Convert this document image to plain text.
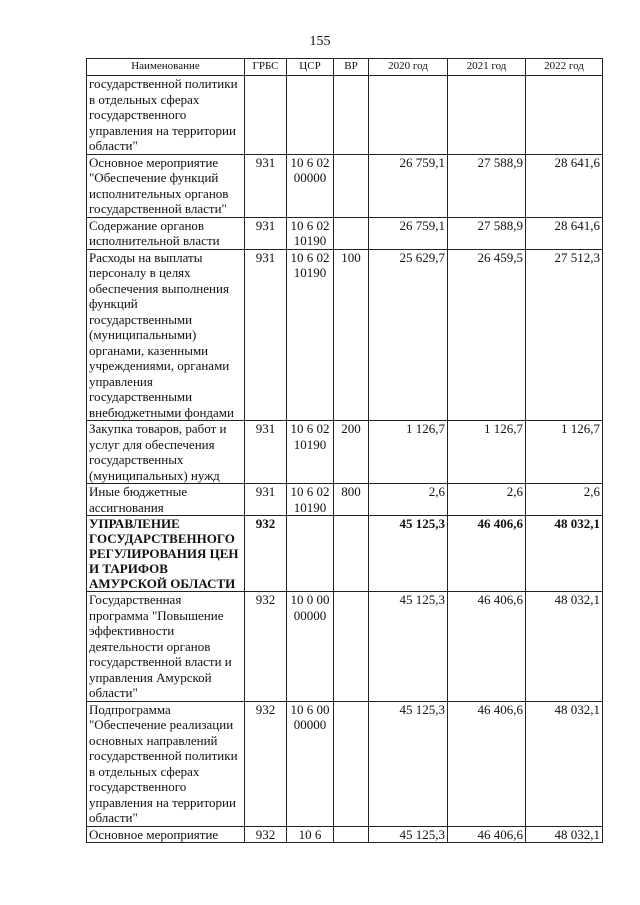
155
Наименование	ГРБС	ЦСР	ВР	2020 год	2021 год	2022 год
государственной политики в отдельных сферах государственного управления на территории области"						
Основное мероприятие "Обеспечение функций исполнительных органов государственной власти"	931	10 6 02 00000		26 759,1	27 588,9	28 641,6
Содержание органов исполнительной власти	931	10 6 02 10190		26 759,1	27 588,9	28 641,6
Расходы на выплаты персоналу в целях обеспечения выполнения функций государственными (муниципальными) органами, казенными учреждениями, органами управления государственными внебюджетными фондами	931	10 6 02 10190	100	25 629,7	26 459,5	27 512,3
Закупка товаров, работ и услуг для обеспечения государственных (муниципальных) нужд	931	10 6 02 10190	200	1 126,7	1 126,7	1 126,7
Иные бюджетные ассигнования	931	10 6 02 10190	800	2,6	2,6	2,6
УПРАВЛЕНИЕ ГОСУДАРСТВЕННОГО РЕГУЛИРОВАНИЯ ЦЕН И ТАРИФОВ АМУРСКОЙ ОБЛАСТИ	932			45 125,3	46 406,6	48 032,1
Государственная программа "Повышение эффективности деятельности органов государственной власти и управления Амурской области"	932	10 0 00 00000		45 125,3	46 406,6	48 032,1
Подпрограмма "Обеспечение реализации основных направлений государственной политики в отдельных сферах государственного управления на территории области"	932	10 6 00 00000		45 125,3	46 406,6	48 032,1
Основное мероприятие	932	10 6		45 125,3	46 406,6	48 032,1
